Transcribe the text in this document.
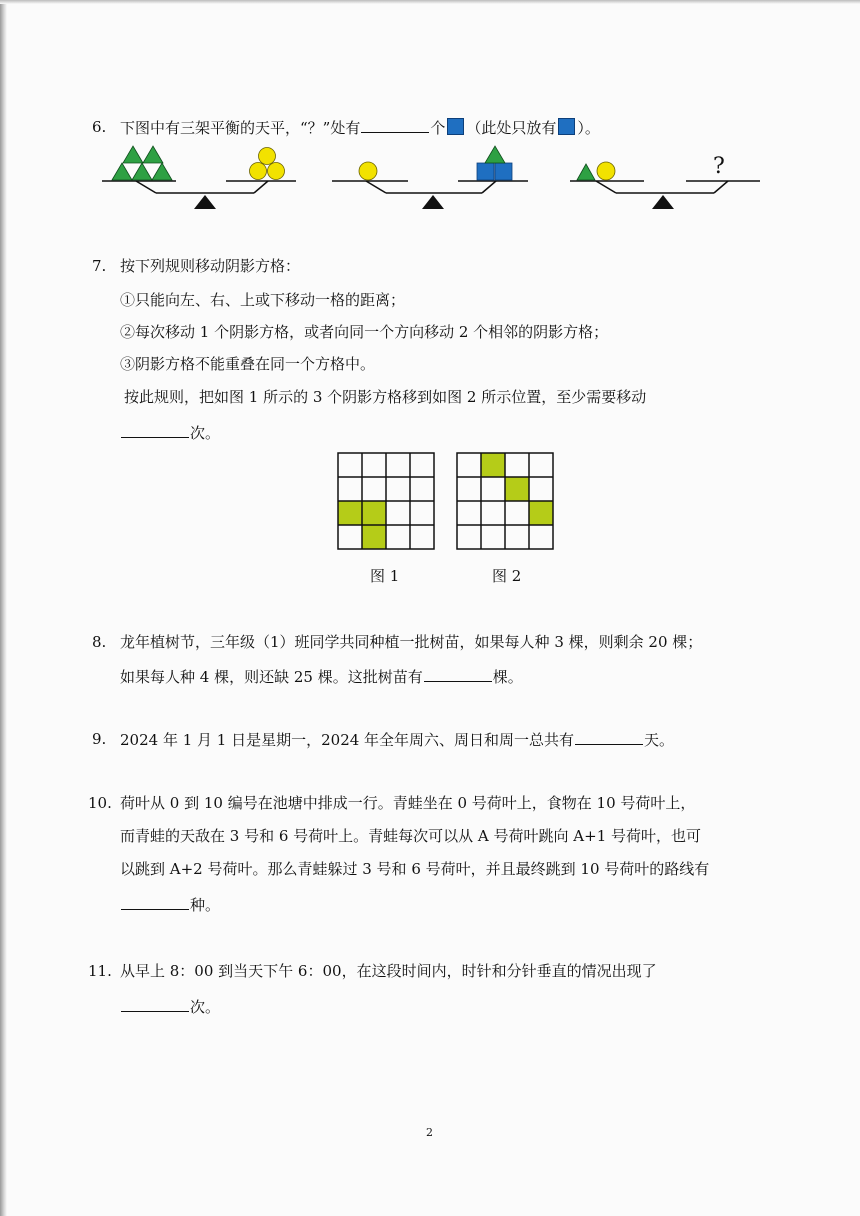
6. 下图中有三架平衡的天平，“？”处有	个 （此处只放有 ）。
?
7. 按下列规则移动阴影方格：
①只能向左、右、上或下移动一格的距离；
②每次移动 1 个阴影方格，或者向同一个方向移动 2 个相邻的阴影方格；
③阴影方格不能重叠在同一个方格中。
按此规则，把如图 1 所示的 3 个阴影方格移到如图 2 所示位置，至少需要移动
次。
图 1	图 2
8. 龙年植树节，三年级（1）班同学共同种植一批树苗，如果每人种 3 棵，则剩余 20 棵；
如果每人种 4 棵，则还缺 25 棵。这批树苗有	棵。
9. 2024 年 1 月 1 日是星期一，2024 年全年周六、周日和周一总共有	天。
10. 荷叶从 0 到 10 编号在池塘中排成一行。青蛙坐在 0 号荷叶上，食物在 10 号荷叶上，
而青蛙的天敌在 3 号和 6 号荷叶上。青蛙每次可以从 A 号荷叶跳向 A+1 号荷叶，也可
以跳到 A+2 号荷叶。那么青蛙躲过 3 号和 6 号荷叶，并且最终跳到 10 号荷叶的路线有
种。
11. 从早上 8：00 到当天下午 6：00，在这段时间内，时针和分针垂直的情况出现了
次。
2
